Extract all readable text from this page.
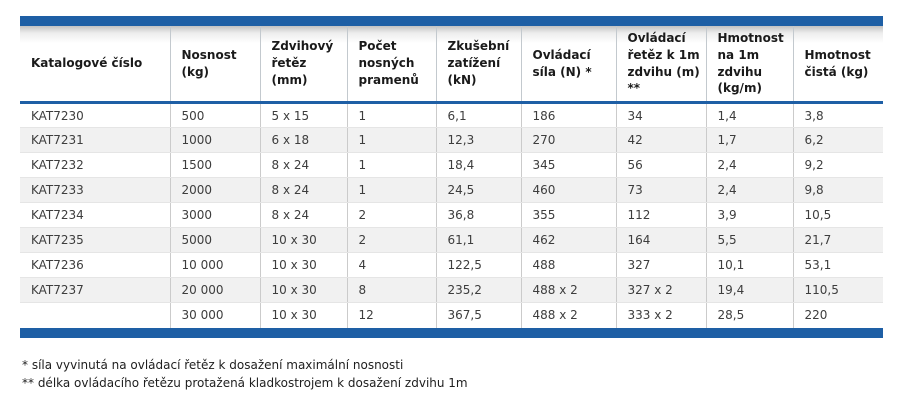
Katalogové číslo	Nosnost (kg)	Zdvihový řetěz (mm)	Počet nosných pramenů	Zkušební zatížení (kN)	Ovládací síla (N) *	Ovládací řetěz k 1m zdvihu (m) **	Hmotnost na 1m zdvihu (kg/m)	Hmotnost čistá (kg)
KAT7230	500	5 x 15	1	6,1	186	34	1,4	3,8
KAT7231	1000	6 x 18	1	12,3	270	42	1,7	6,2
KAT7232	1500	8 x 24	1	18,4	345	56	2,4	9,2
KAT7233	2000	8 x 24	1	24,5	460	73	2,4	9,8
KAT7234	3000	8 x 24	2	36,8	355	112	3,9	10,5
KAT7235	5000	10 x 30	2	61,1	462	164	5,5	21,7
KAT7236	10 000	10 x 30	4	122,5	488	327	10,1	53,1
KAT7237	20 000	10 x 30	8	235,2	488 x 2	327 x 2	19,4	110,5
	30 000	10 x 30	12	367,5	488 x 2	333 x 2	28,5	220
* síla vyvinutá na ovládací řetěz k dosažení maximální nosnosti
** délka ovládacího řetězu protažená kladkostrojem k dosažení zdvihu 1m
